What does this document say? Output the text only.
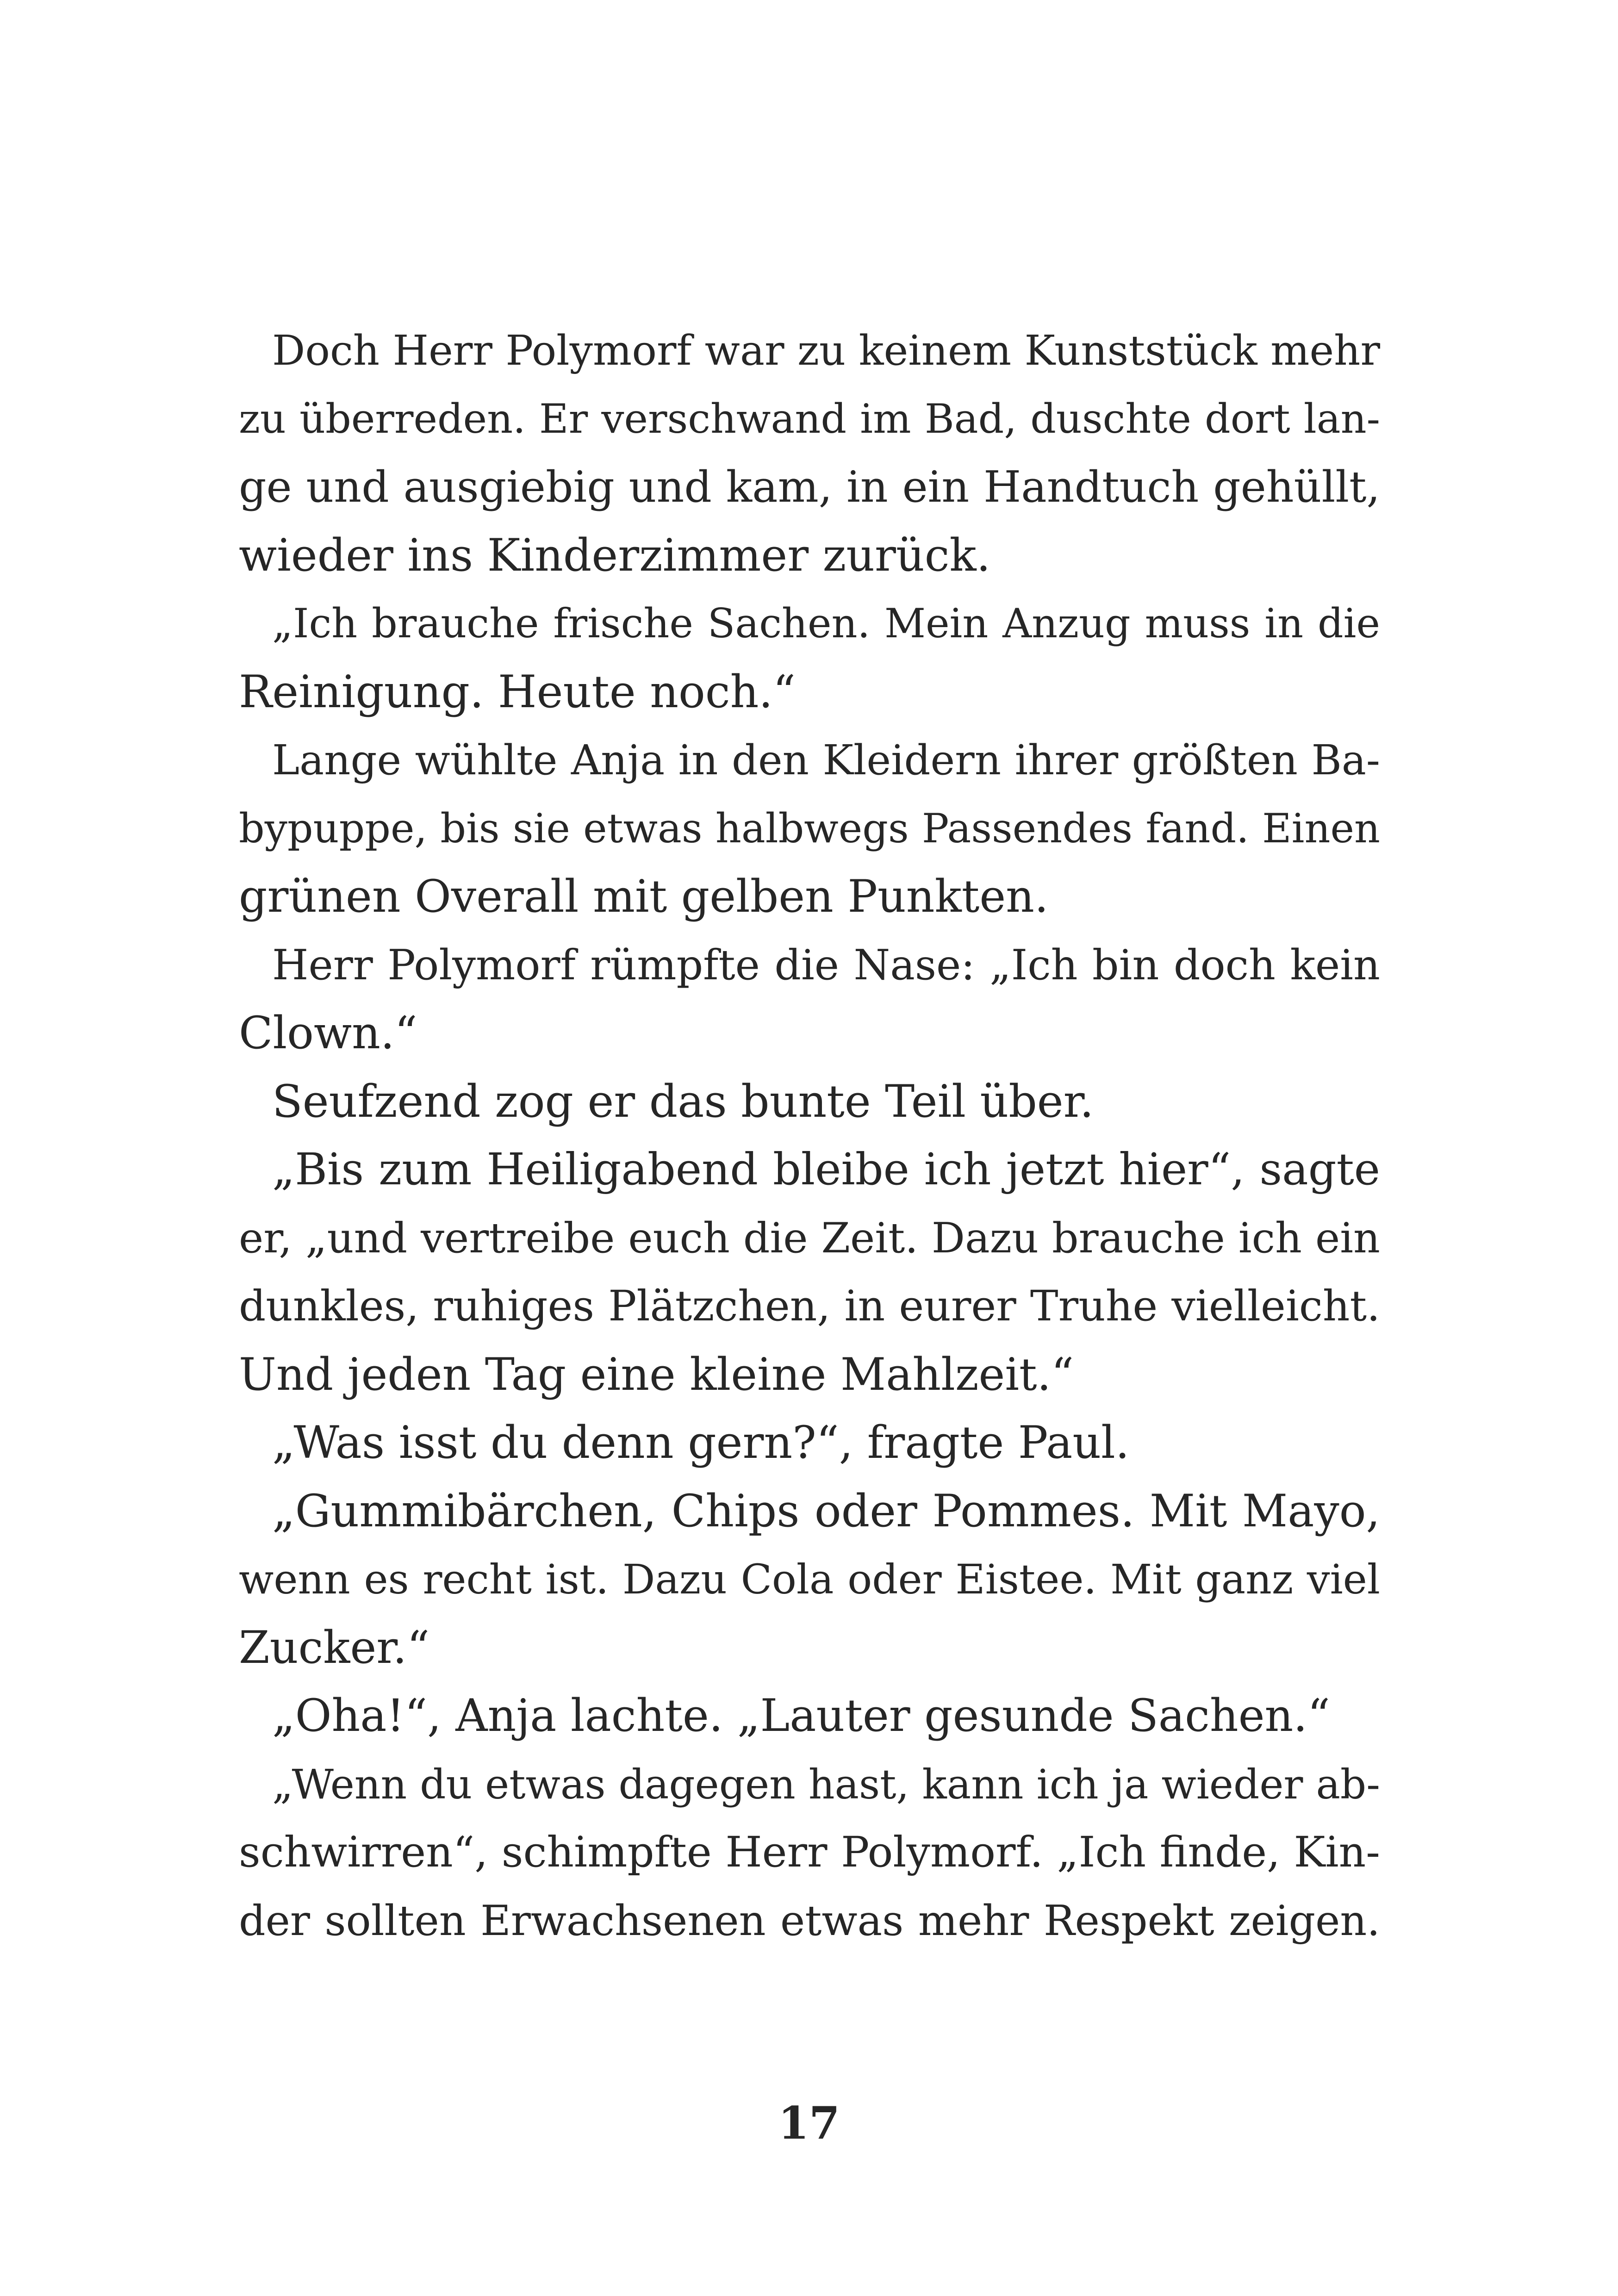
Doch Herr Polymorf war zu keinem Kunststück mehr
zu überreden. Er verschwand im Bad, duschte dort lan-
ge und ausgiebig und kam, in ein Handtuch gehüllt,
wieder ins Kinderzimmer zurück.
„Ich brauche frische Sachen. Mein Anzug muss in die
Reinigung. Heute noch.“
Lange wühlte Anja in den Kleidern ihrer größten Ba-
bypuppe, bis sie etwas halbwegs Passendes fand. Einen
grünen Overall mit gelben Punkten.
Herr Polymorf rümpfte die Nase: „Ich bin doch kein
Clown.“
Seufzend zog er das bunte Teil über.
„Bis zum Heiligabend bleibe ich jetzt hier“, sagte
er, „und vertreibe euch die Zeit. Dazu brauche ich ein
dunkles, ruhiges Plätzchen, in eurer Truhe vielleicht.
Und jeden Tag eine kleine Mahlzeit.“
„Was isst du denn gern?“, fragte Paul.
„Gummibärchen, Chips oder Pommes. Mit Mayo,
wenn es recht ist. Dazu Cola oder Eistee. Mit ganz viel
Zucker.“
„Oha!“, Anja lachte. „Lauter gesunde Sachen.“
„Wenn du etwas dagegen hast, kann ich ja wieder ab-
schwirren“, schimpfte Herr Polymorf. „Ich finde, Kin-
der sollten Erwachsenen etwas mehr Respekt zeigen.
17
